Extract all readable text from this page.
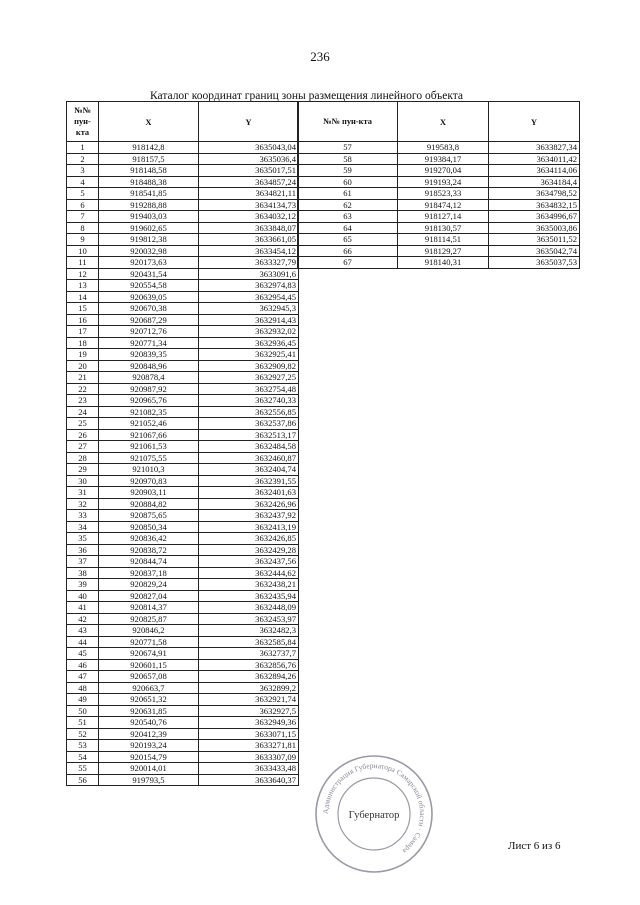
236
Каталог координат границ зоны размещения линейного объекта
№№ пун- кта	X	Y
1	918142,8	3635043,04
2	918157,5	3635036,4
3	918148,58	3635017,51
4	918488,38	3634857,24
5	918541,85	3634821,11
6	919288,88	3634134,73
7	919403,03	3634032,12
8	919602,65	3633848,07
9	919812,38	3633661,05
10	920032,98	3633454,12
11	920173,63	3633327,79
12	920431,54	3633091,6
13	920554,58	3632974,83
14	920639,05	3632954,45
15	920670,38	3632945,3
16	920687,29	3632914,43
17	920712,76	3632932,02
18	920771,34	3632936,45
19	920839,35	3632925,41
20	920848,96	3632909,82
21	920878,4	3632927,25
22	920987,92	3632754,48
23	920965,76	3632740,33
24	921082,35	3632556,85
25	921052,46	3632537,86
26	921067,66	3632513,17
27	921061,53	3632484,58
28	921075,55	3632460,87
29	921010,3	3632404,74
30	920970,83	3632391,55
31	920903,11	3632401,63
32	920884,82	3632426,96
33	920875,65	3632437,92
34	920850,34	3632413,19
35	920836,42	3632426,85
36	920838,72	3632429,28
37	920844,74	3632437,56
38	920837,18	3632444,62
39	920829,24	3632438,21
40	920827,04	3632435,94
41	920814,37	3632448,09
42	920825,87	3632453,97
43	920846,2	3632482,3
44	920771,58	3632585,84
45	920674,91	3632737,7
46	920601,15	3632856,76
47	920657,08	3632894,26
48	920663,7	3632899,2
49	920651,32	3632921,74
50	920631,85	3632927,5
51	920540,76	3632949,36
52	920412,39	3633071,15
53	920193,24	3633271,81
54	920154,79	3633307,09
55	920014,01	3633433,48
56	919793,5	3633640,37
№№ пун-кта	X	Y
57	919583,8	3633827,34
58	919384,17	3634011,42
59	919270,04	3634114,06
60	919193,24	3634184,4
61	918523,33	3634798,52
62	918474,12	3634832,15
63	918127,14	3634996,67
64	918130,57	3635003,86
65	918114,51	3635011,52
66	918129,27	3635042,74
67	918140,31	3635037,53
Администрация Губернатора Самарской области · Самара
Губернатор
Лист 6 из 6
